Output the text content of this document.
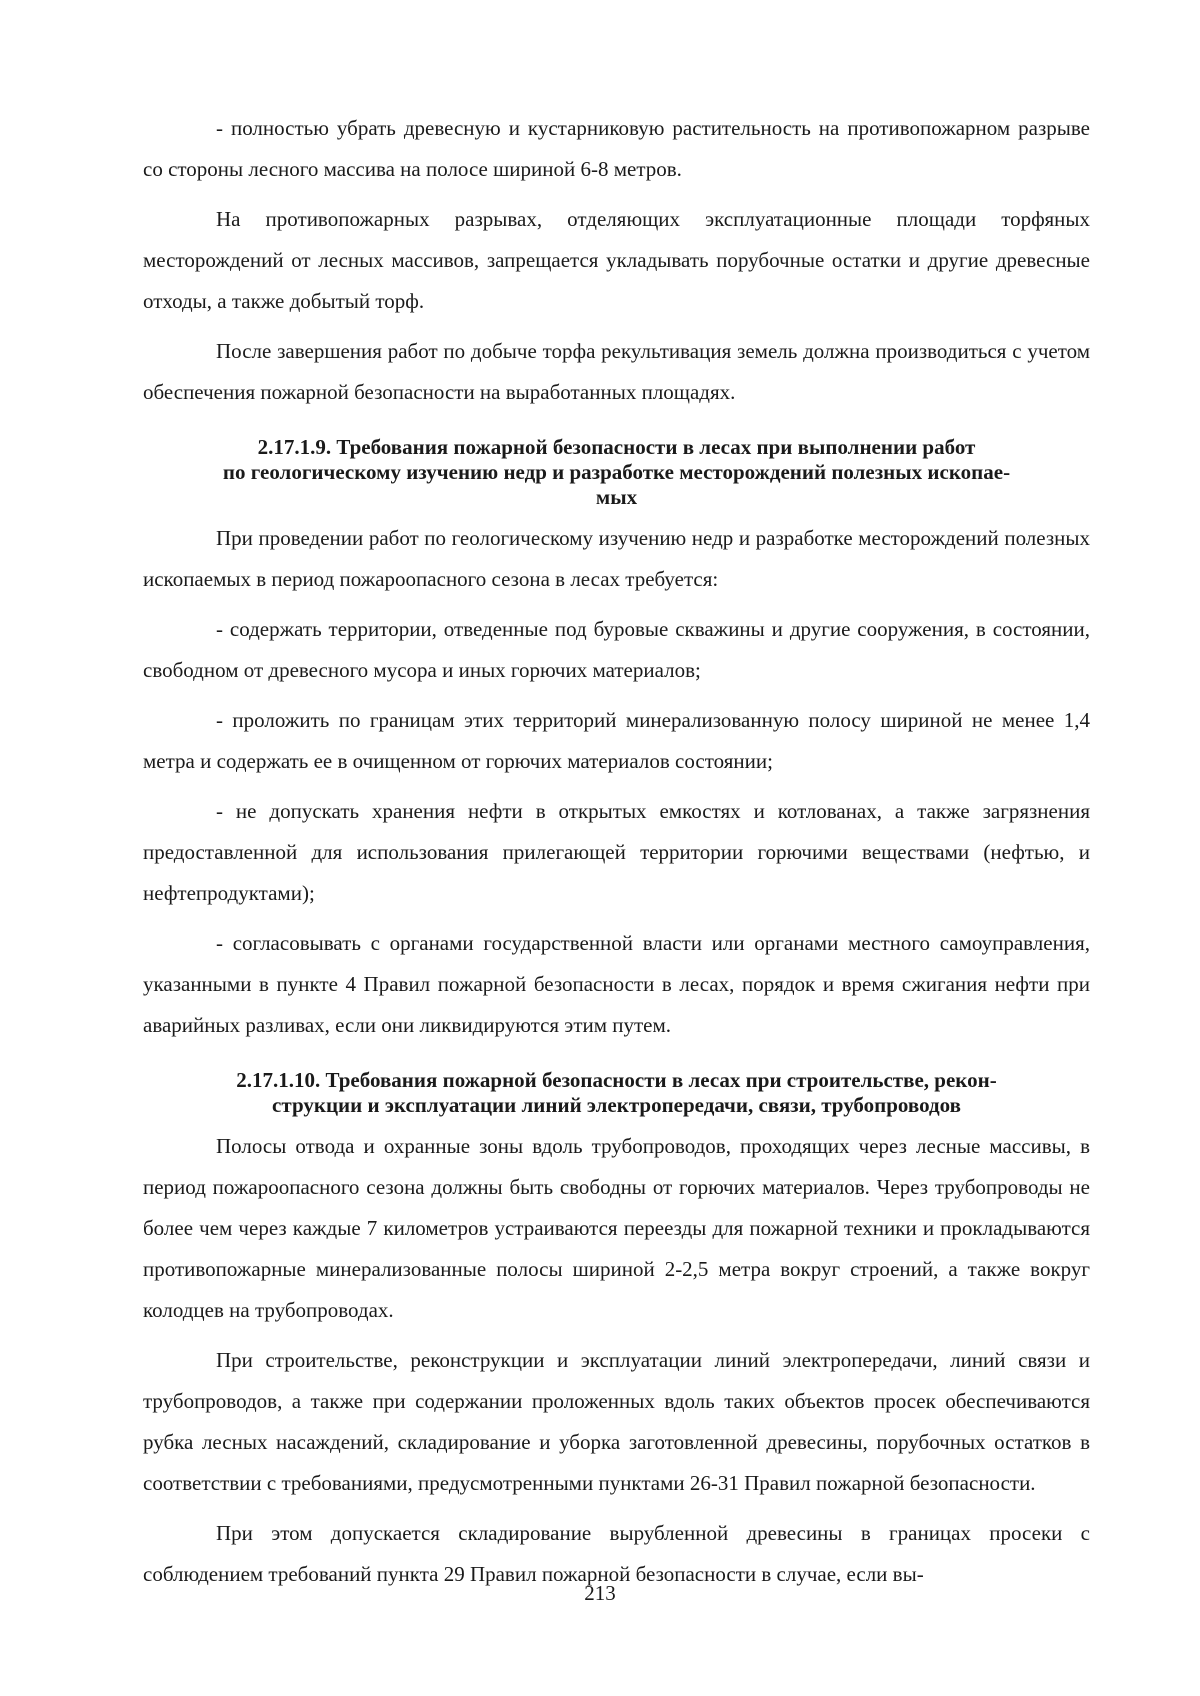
- полностью убрать древесную и кустарниковую растительность на противопожарном разрыве со стороны лесного массива на полосе шириной 6-8 метров.

На противопожарных разрывах, отделяющих эксплуатационные площади торфяных месторождений от лесных массивов, запрещается укладывать порубочные остатки и другие древесные отходы, а также добытый торф.

После завершения работ по добыче торфа рекультивация земель должна производиться с учетом обеспечения пожарной безопасности на выработанных площадях.

2.17.1.9. Требования пожарной безопасности в лесах при выполнении работ
по геологическому изучению недр и разработке месторождений полезных ископае-
мых

При проведении работ по геологическому изучению недр и разработке месторождений полезных ископаемых в период пожароопасного сезона в лесах требуется:

- содержать территории, отведенные под буровые скважины и другие сооружения, в состоянии, свободном от древесного мусора и иных горючих материалов;

- проложить по границам этих территорий минерализованную полосу шириной не менее 1,4 метра и содержать ее в очищенном от горючих материалов состоянии;

- не допускать хранения нефти в открытых емкостях и котлованах, а также загрязнения предоставленной для использования прилегающей территории горючими веществами (нефтью, и нефтепродуктами);

- согласовывать с органами государственной власти или органами местного самоуправления, указанными в пункте 4 Правил пожарной безопасности в лесах, порядок и время сжигания нефти при аварийных разливах, если они ликвидируются этим путем.

2.17.1.10. Требования пожарной безопасности в лесах при строительстве, рекон-
струкции и эксплуатации линий электропередачи, связи, трубопроводов

Полосы отвода и охранные зоны вдоль трубопроводов, проходящих через лесные массивы, в период пожароопасного сезона должны быть свободны от горючих материалов. Через трубопроводы не более чем через каждые 7 километров устраиваются переезды для пожарной техники и прокладываются противопожарные минерализованные полосы шириной 2-2,5 метра вокруг строений, а также вокруг колодцев на трубопроводах.

При строительстве, реконструкции и эксплуатации линий электропередачи, линий связи и трубопроводов, а также при содержании проложенных вдоль таких объектов просек обеспечиваются рубка лесных насаждений, складирование и уборка заготовленной древесины, порубочных остатков в соответствии с требованиями, предусмотренными пунктами 26-31 Правил пожарной безопасности.

При этом допускается складирование вырубленной древесины в границах просеки с соблюдением требований пункта 29 Правил пожарной безопасности в случае, если вы-

213
